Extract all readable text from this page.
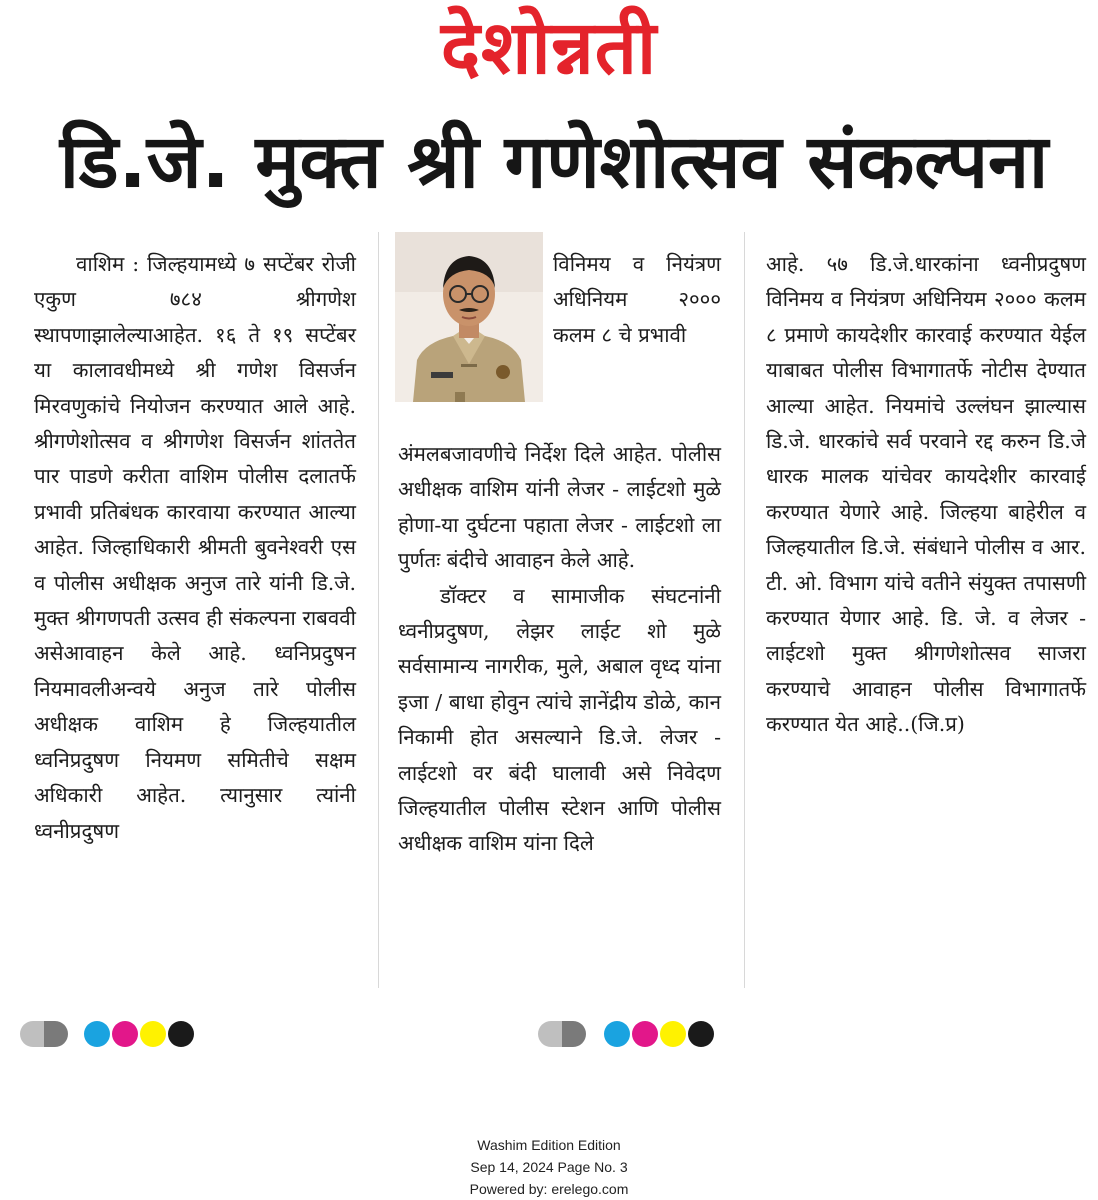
देशोन्नती
डि.जे. मुक्त श्री गणेशोत्सव संकल्पना

वाशिम : जिल्हयामध्ये ७ सप्टेंबर रोजी एकुण ७८४ श्रीगणेश स्थापणाझालेल्याआहेत. १६ ते १९ सप्टेंबर या कालावधीमध्ये श्री गणेश विसर्जन मिरवणुकांचे नियोजन करण्यात आले आहे. श्रीगणेशोत्सव व श्रीगणेश विसर्जन शांततेत पार पाडणे करीता वाशिम पोलीस दलातर्फे प्रभावी प्रतिबंधक कारवाया करण्यात आल्या आहेत. जिल्हाधिकारी श्रीमती बुवनेश्वरी एस व पोलीस अधीक्षक अनुज तारे यांनी डि.जे. मुक्त श्रीगणपती उत्सव ही संकल्पना राबववी असेआवाहन केले आहे. ध्वनिप्रदुषन नियमावलीअन्वये अनुज तारे पोलीस अधीक्षक वाशिम हे जिल्हयातील ध्वनिप्रदुषण नियमण समितीचे सक्षम अधिकारी आहेत. त्यानुसार त्यांनी ध्वनीप्रदुषण

विनिमय व नियंत्रण अधिनियम २००० कलम ८ चे प्रभावी

अंमलबजावणीचे निर्देश दिले आहेत. पोलीस अधीक्षक वाशिम यांनी लेजर - लाईटशो मुळे होणा-या दुर्घटना पहाता लेजर - लाईटशो ला पुर्णतः बंदीचे आवाहन केले आहे.

डॉक्टर व सामाजीक संघटनांनी ध्वनीप्रदुषण, लेझर लाईट शो मुळे सर्वसामान्य नागरीक, मुले, अबाल वृध्द यांना इजा / बाधा होवुन त्यांचे ज्ञानेंद्रीय डोळे, कान निकामी होत असल्याने डि.जे. लेजर - लाईटशो वर बंदी घालावी असे निवेदण जिल्हयातील पोलीस स्टेशन आणि पोलीस अधीक्षक वाशिम यांना दिले

आहे. ५७ डि.जे.धारकांना ध्वनीप्रदुषण विनिमय व नियंत्रण अधिनियम २००० कलम ८ प्रमाणे कायदेशीर कारवाई करण्यात येईल याबाबत पोलीस विभागातर्फे नोटीस देण्यात आल्या आहेत. नियमांचे उल्लंघन झाल्यास डि.जे. धारकांचे सर्व परवाने रद्द करुन डि.जे धारक मालक यांचेवर कायदेशीर कारवाई करण्यात येणारे आहे. जिल्हया बाहेरील व जिल्हयातील डि.जे. संबंधाने पोलीस व आर. टी. ओ. विभाग यांचे वतीने संयुक्त तपासणी करण्यात येणार आहे. डि. जे. व लेजर - लाईटशो मुक्त श्रीगणेशोत्सव साजरा करण्याचे आवाहन पोलीस विभागातर्फे करण्यात येत आहे..(जि.प्र)

Washim Edition Edition
Sep 14, 2024 Page No. 3
Powered by: erelego.com
